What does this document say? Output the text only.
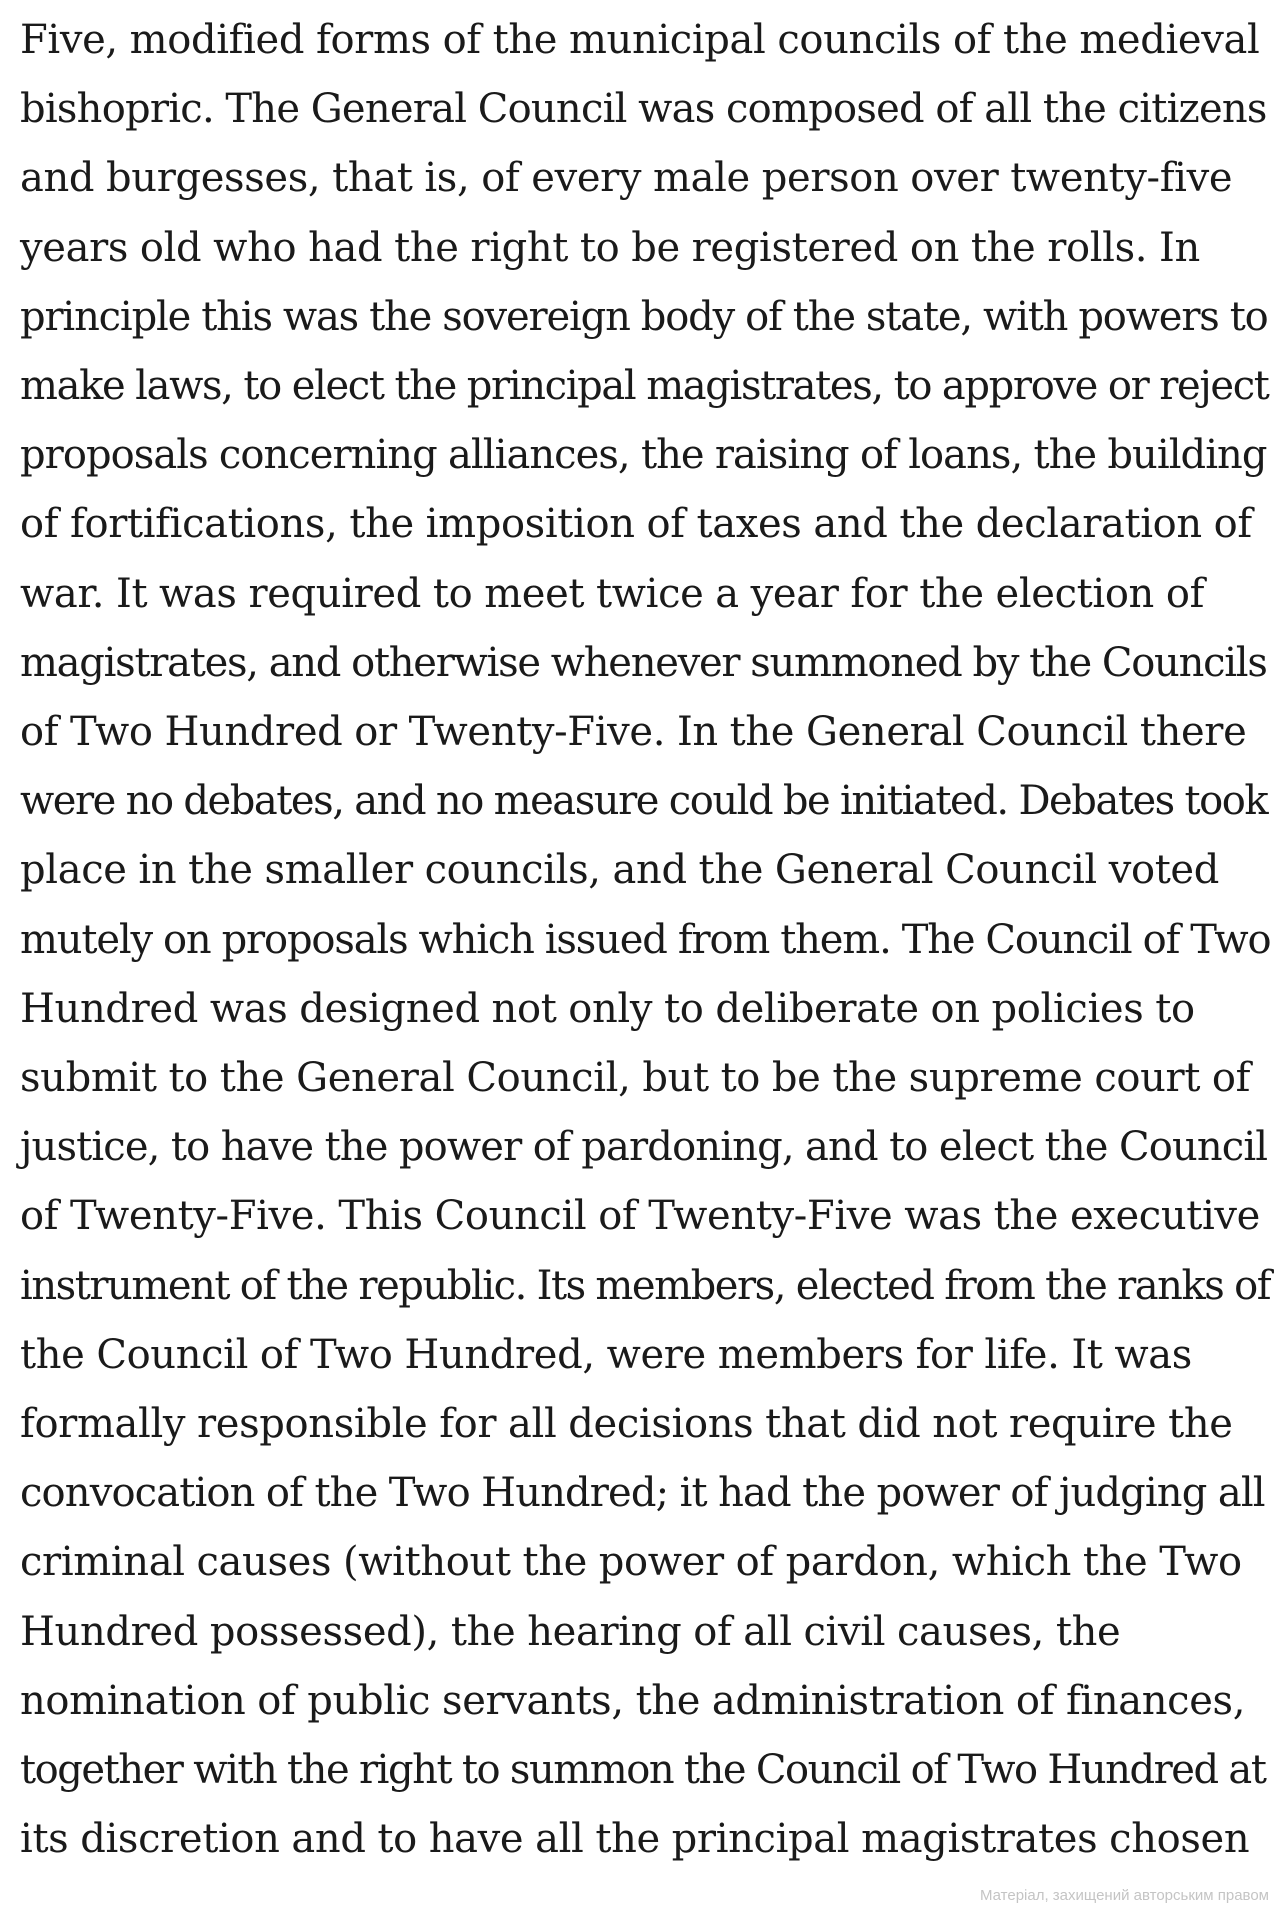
Five, modified forms of the municipal councils of the medieval
bishopric. The General Council was composed of all the citizens
and burgesses, that is, of every male person over twenty-five
years old who had the right to be registered on the rolls. In
principle this was the sovereign body of the state, with powers to
make laws, to elect the principal magistrates, to approve or reject
proposals concerning alliances, the raising of loans, the building
of fortifications, the imposition of taxes and the declaration of
war. It was required to meet twice a year for the election of
magistrates, and otherwise whenever summoned by the Councils
of Two Hundred or Twenty-Five. In the General Council there
were no debates, and no measure could be initiated. Debates took
place in the smaller councils, and the General Council voted
mutely on proposals which issued from them. The Council of Two
Hundred was designed not only to deliberate on policies to
submit to the General Council, but to be the supreme court of
justice, to have the power of pardoning, and to elect the Council
of Twenty-Five. This Council of Twenty-Five was the executive
instrument of the republic. Its members, elected from the ranks of
the Council of Two Hundred, were members for life. It was
formally responsible for all decisions that did not require the
convocation of the Two Hundred; it had the power of judging all
criminal causes (without the power of pardon, which the Two
Hundred possessed), the hearing of all civil causes, the
nomination of public servants, the administration of finances,
together with the right to summon the Council of Two Hundred at
its discretion and to have all the principal magistrates chosen
Матеріал, захищений авторським правом
